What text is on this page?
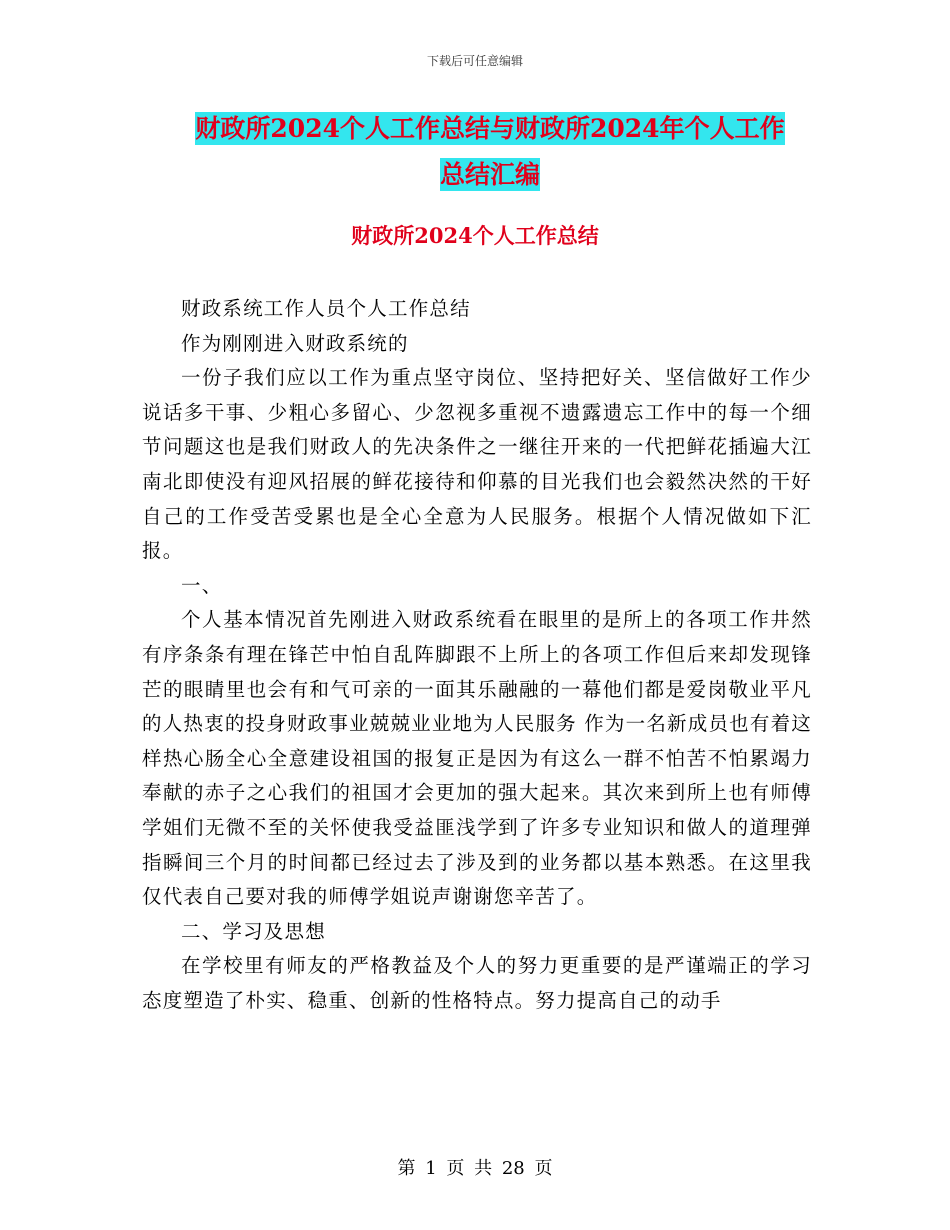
下载后可任意编辑
财政所2024个人工作总结与财政所2024年个人工作
总结汇编
财政所2024个人工作总结

财政系统工作人员个人工作总结

作为刚刚进入财政系统的

一份子我们应以工作为重点坚守岗位、坚持把好关、坚信做好工作少说话多干事、少粗心多留心、少忽视多重视不遗露遗忘工作中的每一个细节问题这也是我们财政人的先决条件之一继往开来的一代把鲜花插遍大江南北即使没有迎风招展的鲜花接待和仰慕的目光我们也会毅然决然的干好自己的工作受苦受累也是全心全意为人民服务。根据个人情况做如下汇报。

一、

个人基本情况首先刚进入财政系统看在眼里的是所上的各项工作井然有序条条有理在锋芒中怕自乱阵脚跟不上所上的各项工作但后来却发现锋芒的眼睛里也会有和气可亲的一面其乐融融的一幕他们都是爱岗敬业平凡的人热衷的投身财政事业兢兢业业地为人民服务 作为一名新成员也有着这样热心肠全心全意建设祖国的报复正是因为有这么一群不怕苦不怕累竭力奉献的赤子之心我们的祖国才会更加的强大起来。其次来到所上也有师傅学姐们无微不至的关怀使我受益匪浅学到了许多专业知识和做人的道理弹指瞬间三个月的时间都已经过去了涉及到的业务都以基本熟悉。在这里我仅代表自己要对我的师傅学姐说声谢谢您辛苦了。

二、学习及思想

在学校里有师友的严格教益及个人的努力更重要的是严谨端正的学习态度塑造了朴实、稳重、创新的性格特点。努力提高自己的动手

第 1 页 共 28 页
